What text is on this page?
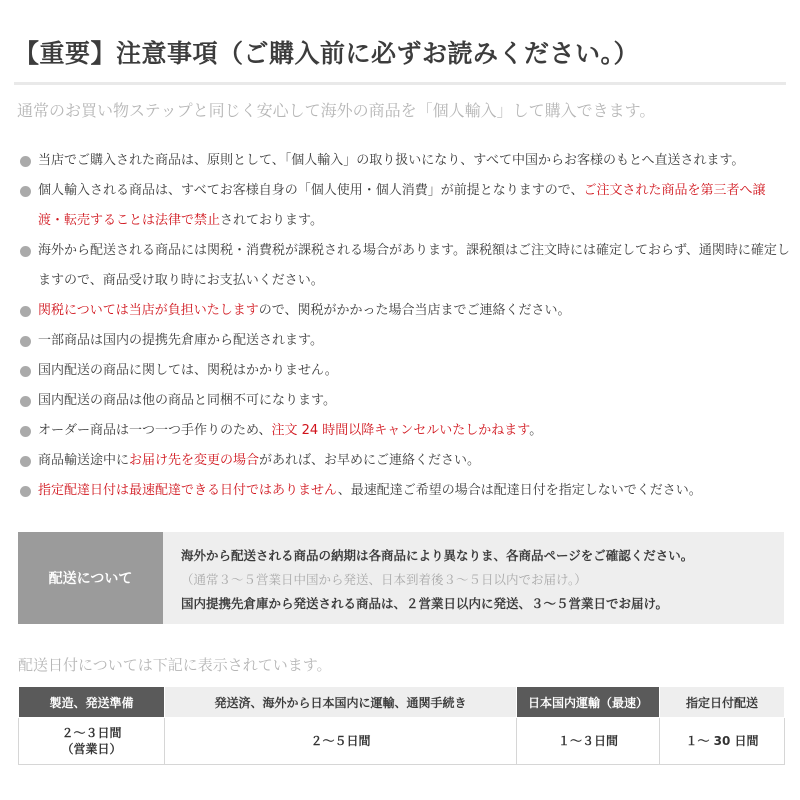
【重要】注意事項（ご購入前に必ずお読みください。）
通常のお買い物ステップと同じく安心して海外の商品を「個人輸入」して購入できます。
当店でご購入された商品は、原則として、「個人輸入」の取り扱いになり、すべて中国からお客様のもとへ直送されます。
個人輸入される商品は、すべてお客様自身の「個人使用・個人消費」が前提となりますので、ご注文された商品を第三者へ譲渡・転売することは法律で禁止されております。
海外から配送される商品には関税・消費税が課税される場合があります。課税額はご注文時には確定しておらず、通関時に確定しますので、商品受け取り時にお支払いください。
関税については当店が負担いたしますので、関税がかかった場合当店までご連絡ください。
一部商品は国内の提携先倉庫から配送されます。
国内配送の商品に関しては、関税はかかりません。
国内配送の商品は他の商品と同梱不可になります。
オーダー商品は一つ一つ手作りのため、注文 24 時間以降キャンセルいたしかねます。
商品輸送途中にお届け先を変更の場合があれば、お早めにご連絡ください。
指定配達日付は最速配達できる日付ではありません、最速配達ご希望の場合は配達日付を指定しないでください。
配送について
海外から配送される商品の納期は各商品により異なりま、各商品ページをご確認ください。
（通常３～５営業日中国から発送、日本到着後３～５日以内でお届け。）
国内提携先倉庫から発送される商品は、２営業日以内に発送、３～５営業日でお届け。
配送日付については下記に表示されています。
製造、発送準備	発送済、海外から日本国内に運輸、通関手続き	日本国内運輸（最速）	指定日付配送

２～３日間
（営業日）	２～５日間	１～３日間	１～ 30 日間
